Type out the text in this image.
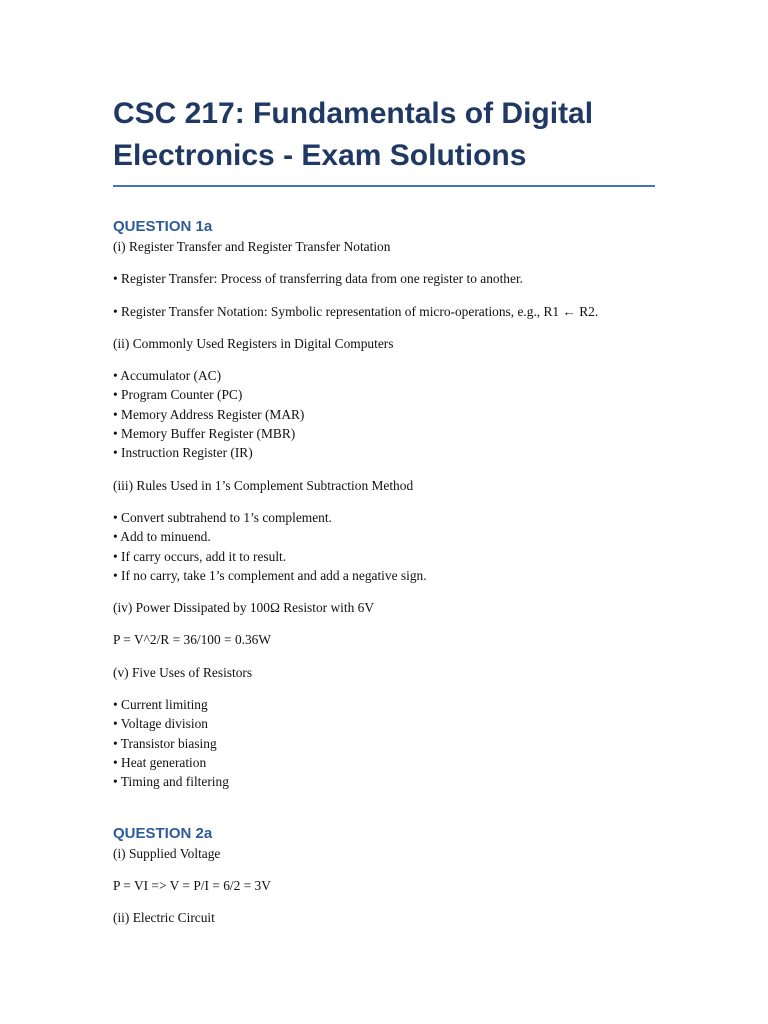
CSC 217: Fundamentals of Digital
Electronics - Exam Solutions
QUESTION 1a

(i) Register Transfer and Register Transfer Notation

• Register Transfer: Process of transferring data from one register to another.

• Register Transfer Notation: Symbolic representation of micro-operations, e.g., R1 ← R2.

(ii) Commonly Used Registers in Digital Computers

• Accumulator (AC)
• Program Counter (PC)
• Memory Address Register (MAR)
• Memory Buffer Register (MBR)
• Instruction Register (IR)

(iii) Rules Used in 1’s Complement Subtraction Method

• Convert subtrahend to 1’s complement.
• Add to minuend.
• If carry occurs, add it to result.
• If no carry, take 1’s complement and add a negative sign.

(iv) Power Dissipated by 100Ω Resistor with 6V

P = V^2/R = 36/100 = 0.36W

(v) Five Uses of Resistors

• Current limiting
• Voltage division
• Transistor biasing
• Heat generation
• Timing and filtering
QUESTION 2a

(i) Supplied Voltage

P = VI => V = P/I = 6/2 = 3V

(ii) Electric Circuit
